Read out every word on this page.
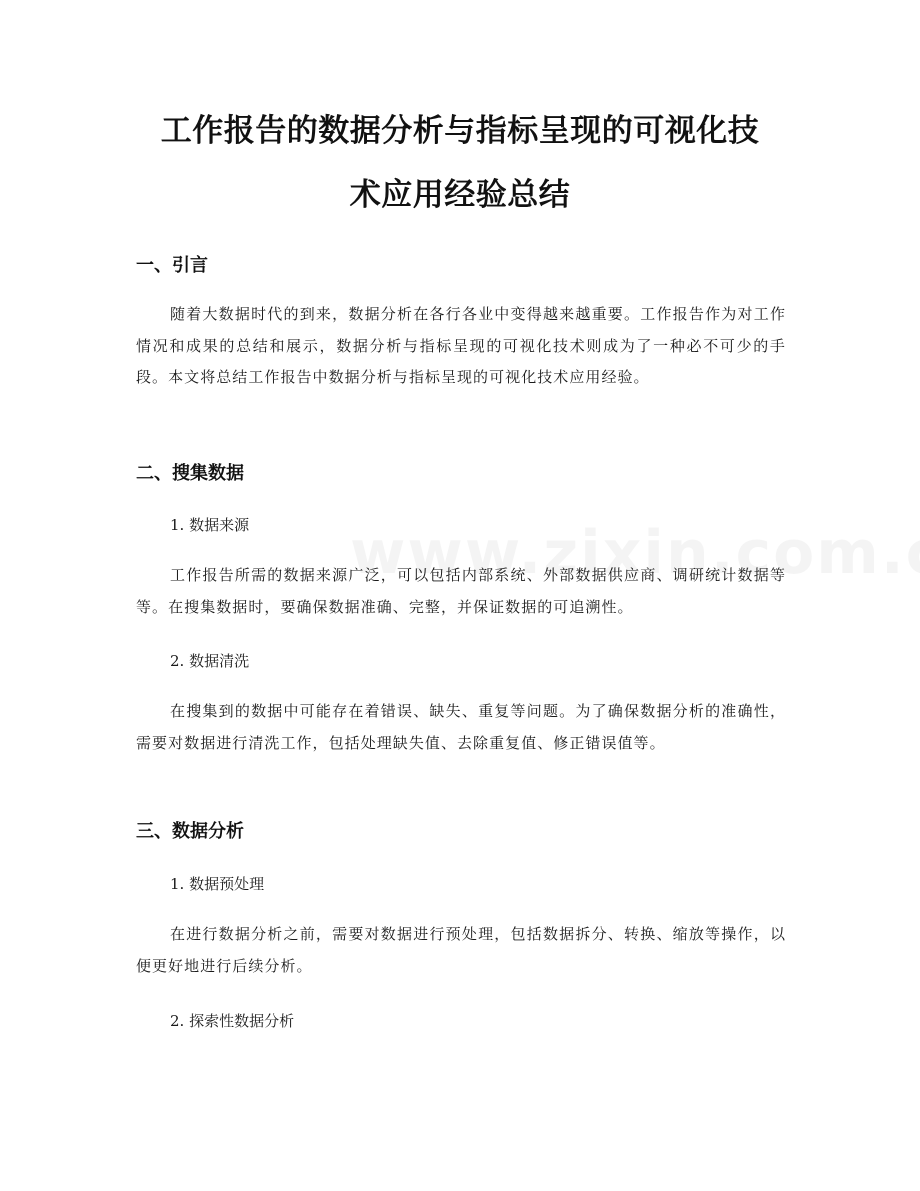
工作报告的数据分析与指标呈现的可视化技
术应用经验总结
一、引言

随着大数据时代的到来，数据分析在各行各业中变得越来越重要。工作报告作为对工作情况和成果的总结和展示，数据分析与指标呈现的可视化技术则成为了一种必不可少的手段。本文将总结工作报告中数据分析与指标呈现的可视化技术应用经验。

二、搜集数据

1. 数据来源

工作报告所需的数据来源广泛，可以包括内部系统、外部数据供应商、调研统计数据等等。在搜集数据时，要确保数据准确、完整，并保证数据的可追溯性。

2. 数据清洗

在搜集到的数据中可能存在着错误、缺失、重复等问题。为了确保数据分析的准确性，需要对数据进行清洗工作，包括处理缺失值、去除重复值、修正错误值等。

三、数据分析

1. 数据预处理

在进行数据分析之前，需要对数据进行预处理，包括数据拆分、转换、缩放等操作，以便更好地进行后续分析。

2. 探索性数据分析
